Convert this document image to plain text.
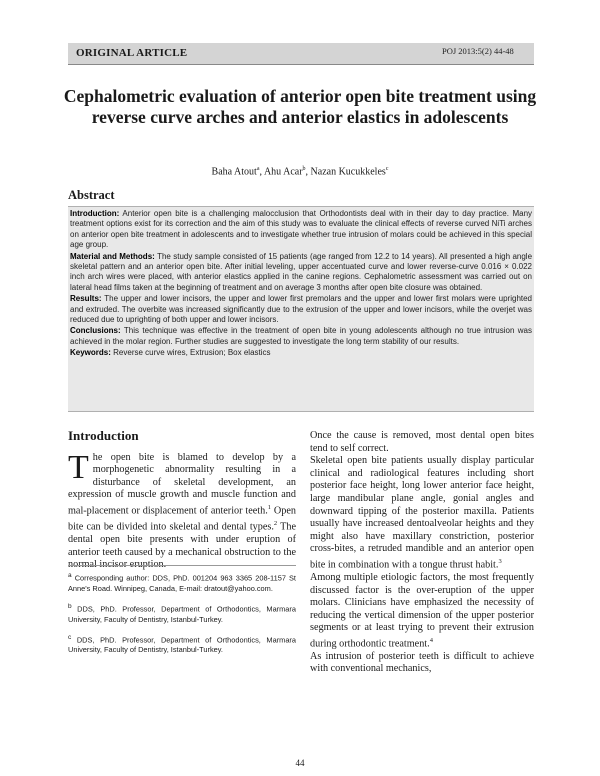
ORIGINAL ARTICLE	POJ 2013:5(2) 44-48
Cephalometric evaluation of anterior open bite treatment using reverse curve arches and anterior elastics in adolescents
Baha Atout$^a$, Ahu Acar$^b$, Nazan Kucukkeles$^c$
Abstract

Introduction: Anterior open bite is a challenging malocclusion that Orthodontists deal with in their day to day practice. Many treatment options exist for its correction and the aim of this study was to evaluate the clinical effects of reverse curved NiTi arches on anterior open bite treatment in adolescents and to investigate whether true intrusion of molars could be achieved in this special age group.

Material and Methods: The study sample consisted of 15 patients (age ranged from 12.2 to 14 years). All presented a high angle skeletal pattern and an anterior open bite. After initial leveling, upper accentuated curve and lower reverse-curve 0.016 × 0.022 inch arch wires were placed, with anterior elastics applied in the canine regions. Cephalometric assessment was carried out on lateral head films taken at the beginning of treatment and on average 3 months after open bite closure was obtained.

Results: The upper and lower incisors, the upper and lower first premolars and the upper and lower first molars were uprighted and extruded. The overbite was increased significantly due to the extrusion of the upper and lower incisors, while the overjet was reduced due to uprighting of both upper and lower incisors.

Conclusions: This technique was effective in the treatment of open bite in young adolescents although no true intrusion was achieved in the molar region. Further studies are suggested to investigate the long term stability of our results.

Keywords: Reverse curve wires, Extrusion; Box elastics

Introduction

The open bite is blamed to develop by a morphogenetic abnormality resulting in a disturbance of skeletal development, an expression of muscle growth and muscle function and mal-placement or displacement of anterior teeth.$^1$ Open bite can be divided into skeletal and dental types.$^2$ The dental open bite presents with under eruption of anterior teeth caused by a mechanical obstruction to the normal incisor eruption.

$^a$ Corresponding author: DDS, PhD. 001204 963 3365 208-1157 St Anne's Road. Winnipeg, Canada, E-mail: dratout@yahoo.com.

$^b$ DDS, PhD. Professor, Department of Orthodontics, Marmara University, Faculty of Dentistry, Istanbul-Turkey.

$^c$ DDS, PhD. Professor, Department of Orthodontics, Marmara University, Faculty of Dentistry, Istanbul-Turkey.

Once the cause is removed, most dental open bites tend to self correct.

Skeletal open bite patients usually display particular clinical and radiological features including short posterior face height, long lower anterior face height, large mandibular plane angle, gonial angles and downward tipping of the posterior maxilla. Patients usually have increased dentoalveolar heights and they might also have maxillary constriction, posterior cross-bites, a retruded mandible and an anterior open bite in combination with a tongue thrust habit.$^3$

Among multiple etiologic factors, the most frequently discussed factor is the over-eruption of the upper molars. Clinicians have emphasized the necessity of reducing the vertical dimension of the upper posterior segments or at least trying to prevent their extrusion during orthodontic treatment.$^4$

As intrusion of posterior teeth is difficult to achieve with conventional mechanics,

44
